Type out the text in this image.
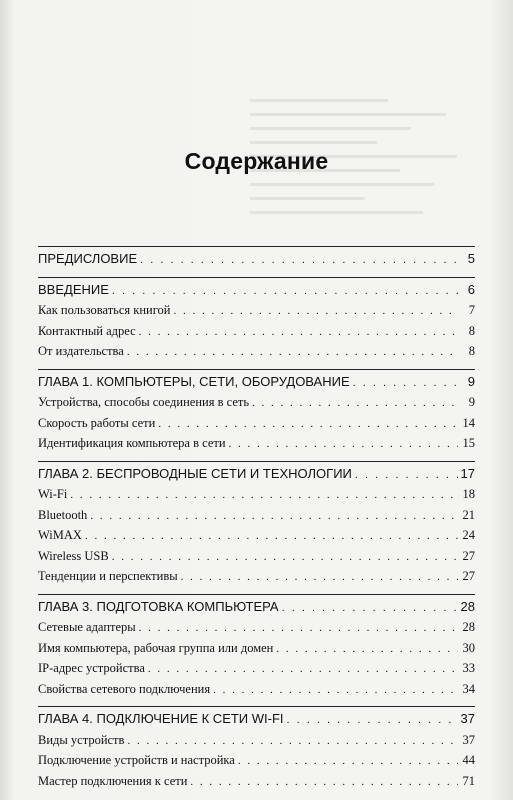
Содержание
ПРЕДИСЛОВИЕ . . .	5
ВВЕДЕНИЕ . . .	6
Как пользоваться книгой . . .	7
Контактный адрес . . .	8
От издательства . . .	8
ГЛАВА 1. КОМПЬЮТЕРЫ, СЕТИ, ОБОРУДОВАНИЕ . . .	9
Устройства, способы соединения в сеть . . .	9
Скорость работы сети . . .	14
Идентификация компьютера в сети . . .	15
ГЛАВА 2. БЕСПРОВОДНЫЕ СЕТИ И ТЕХНОЛОГИИ . . .	17
Wi-Fi . . .	18
Bluetooth . . .	21
WiMAX . . .	24
Wireless USB . . .	27
Тенденции и перспективы . . .	27
ГЛАВА 3. ПОДГОТОВКА КОМПЬЮТЕРА . . .	28
Сетевые адаптеры . . .	28
Имя компьютера, рабочая группа или домен . . .	30
IP-адрес устройства . . .	33
Свойства сетевого подключения . . .	34
ГЛАВА 4. ПОДКЛЮЧЕНИЕ К СЕТИ WI-FI . . .	37
Виды устройств . . .	37
Подключение устройств и настройка . . .	44
Мастер подключения к сети . . .	71
